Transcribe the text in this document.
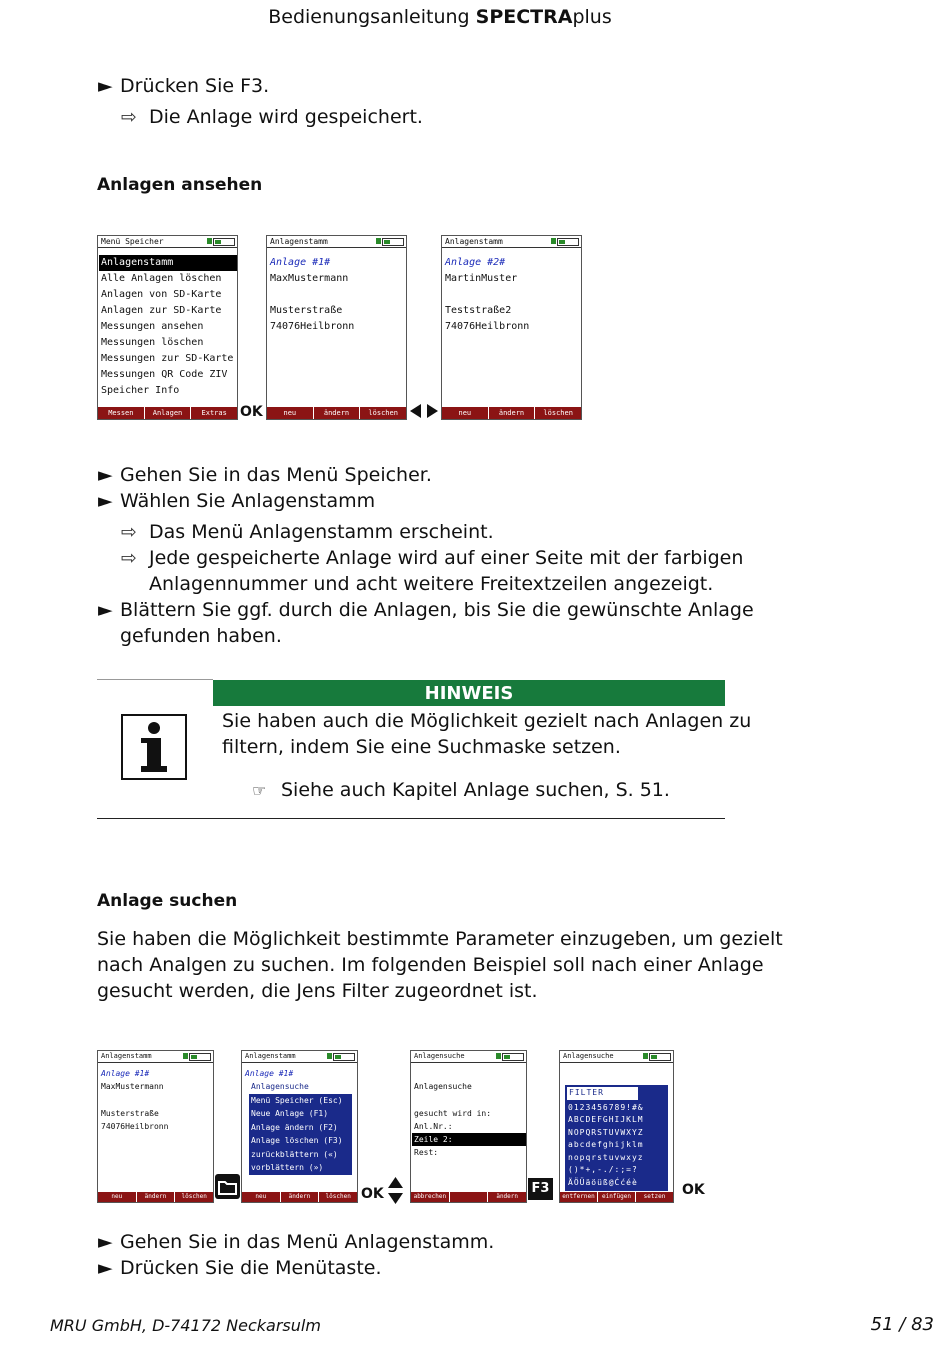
Bedienungsanleitung SPECTRAplus
► Drücken Sie F3.
⇨ Die Anlage wird gespeichert.
Anlagen ansehen
Menü Speicher
Anlagenstamm
Alle Anlagen löschen
Anlagen von SD-Karte
Anlagen zur SD-Karte
Messungen ansehen
Messungen löschen
Messungen zur SD-Karte
Messungen QR Code ZIV
Speicher Info
Messen	Anlagen	Extras OK
Anlagenstamm
Anlage #1#
MaxMustermann
Musterstraße
74076Heilbronn
neu	ändern	löschen
Anlagenstamm
Anlage #2#
MartinMuster
Teststraße2
74076Heilbronn
neu	ändern	löschen
► Gehen Sie in das Menü Speicher.
► Wählen Sie Anlagenstamm
⇨ Das Menü Anlagenstamm erscheint.
⇨ Jede gespeicherte Anlage wird auf einer Seite mit der farbigen
Anlagennummer und acht weitere Freitextzeilen angezeigt.
► Blättern Sie ggf. durch die Anlagen, bis Sie die gewünschte Anlage
gefunden haben.
HINWEIS
Sie haben auch die Möglichkeit gezielt nach Anlagen zu
filtern, indem Sie eine Suchmaske setzen.
☞ Siehe auch Kapitel Anlage suchen, S. 51.
Anlage suchen
Sie haben die Möglichkeit bestimmte Parameter einzugeben, um gezielt
nach Analgen zu suchen. Im folgenden Beispiel soll nach einer Anlage
gesucht werden, die Jens Filter zugeordnet ist.
Anlagenstamm
Anlage #1#
MaxMustermann
Musterstraße
74076Heilbronn
neu	ändern	löschen
Anlagenstamm
Anlage #1#
Anlagensuche
Menü Speicher (Esc)
Neue Anlage (F1)
Anlage ändern (F2)
Anlage löschen (F3)
zurückblättern («)
vorblättern (»)
neu	ändern	löschen OK
Anlagensuche
Anlagensuche
gesucht wird in:
Anl.Nr.:
Zeile 2:
Rest:
abbrechen	ändern
F3
Anlagensuche
FILTER
0123456789!#&
ABCDEFGHIJKLM
NOPQRSTUVWXYZ
abcdefghijklm
nopqrstuvwxyz
()*+,-./:;=?
ÄÖÜäöüß@Ććéè
entfernen	einfügen	setzen	OK
► Gehen Sie in das Menü Anlagenstamm.
► Drücken Sie die Menütaste.
MRU GmbH, D-74172 Neckarsulm	51 / 83
